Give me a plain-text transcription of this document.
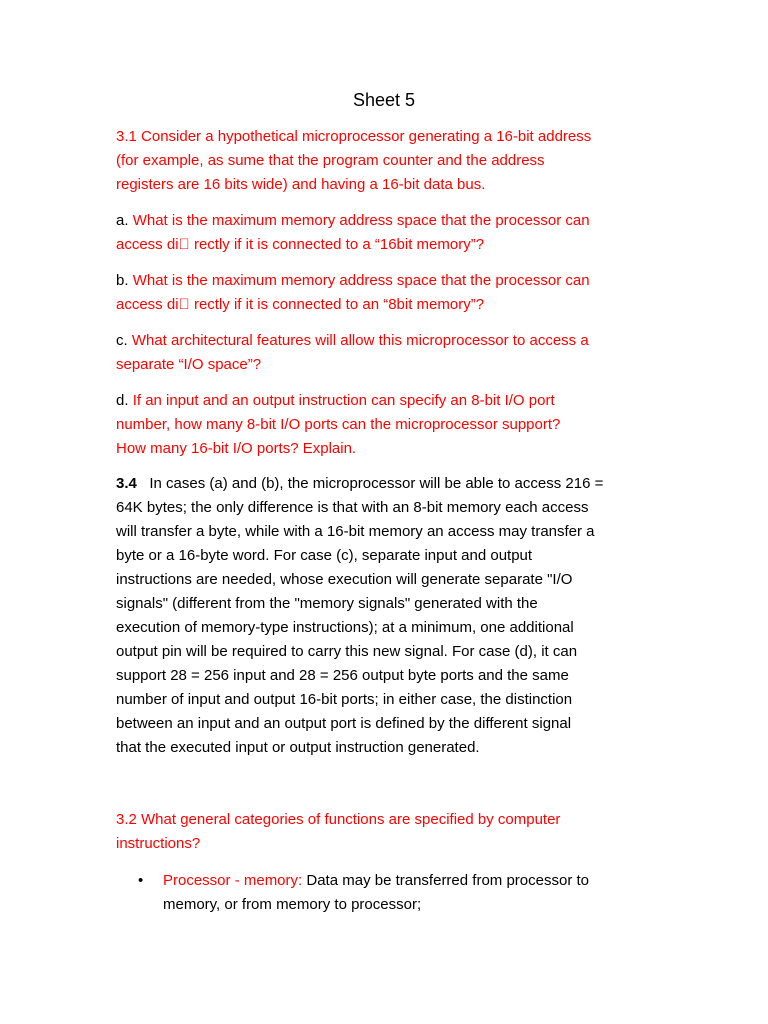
Sheet 5
3.1 Consider a hypothetical microprocessor generating a 16-bit address
(for example, as sume that the program counter and the address
registers are 16 bits wide) and having a 16-bit data bus.
a. What is the maximum memory address space that the processor can
access di  rectly if it is connected to a “16bit memory”?
b. What is the maximum memory address space that the processor can
access di  rectly if it is connected to an “8bit memory”?
c. What architectural features will allow this microprocessor to access a
separate “I/O space”?
d. If an input and an output instruction can specify an 8-bit I/O port
number, how many 8-bit I/O ports can the microprocessor support?
How many 16-bit I/O ports? Explain.
3.4 In cases (a) and (b), the microprocessor will be able to access 216 =
64K bytes; the only difference is that with an 8-bit memory each access
will transfer a byte, while with a 16-bit memory an access may transfer a
byte or a 16-byte word. For case (c), separate input and output
instructions are needed, whose execution will generate separate "I/O
signals" (different from the "memory signals" generated with the
execution of memory-type instructions); at a minimum, one additional
output pin will be required to carry this new signal. For case (d), it can
support 28 = 256 input and 28 = 256 output byte ports and the same
number of input and output 16-bit ports; in either case, the distinction
between an input and an output port is defined by the different signal
that the executed input or output instruction generated.
3.2 What general categories of functions are specified by computer
instructions?
• Processor - memory: Data may be transferred from processor to
memory, or from memory to processor;
